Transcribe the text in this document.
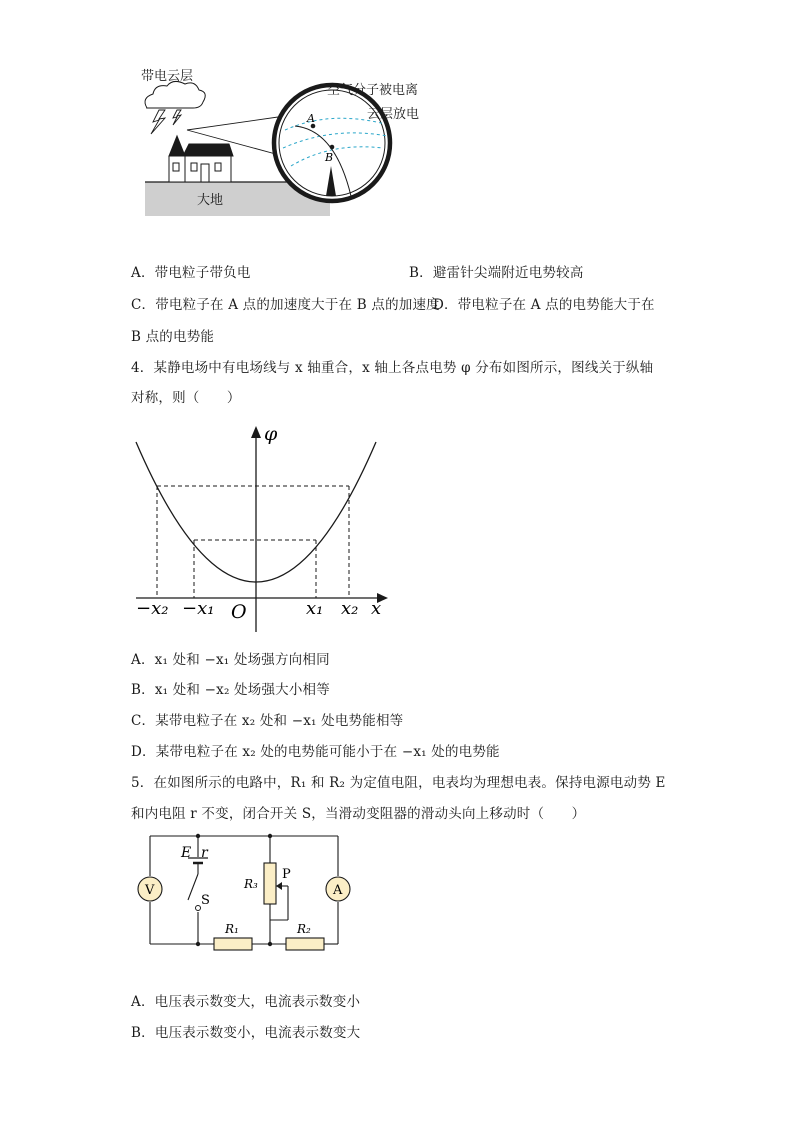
大地
带电云层
A
B
空气分子被电离
云层放电
A．带电粒子带负电	B．避雷针尖端附近电势较高
C．带电粒子在 A 点的加速度大于在 B 点的加速度
D．带电粒子在 A 点的电势能大于在
B 点的电势能
4．某静电场中有电场线与 x 轴重合，x 轴上各点电势 φ 分布如图所示，图线关于纵轴
对称，则（　　）
φ
x
O
−x₂ −x₁	x₁ x₂
A．x₁ 处和 −x₁ 处场强方向相同
B．x₁ 处和 −x₂ 处场强大小相等
C．某带电粒子在 x₂ 处和 −x₁ 处电势能相等
D．某带电粒子在 x₂ 处的电势能可能小于在 −x₁ 处的电势能
5．在如图所示的电路中，R₁ 和 R₂ 为定值电阻，电表均为理想电表。保持电源电动势 E
和内电阻 r 不变，闭合开关 S，当滑动变阻器的滑动头向上移动时（　　）
V	A
E r
S
R₃
P
R₁	R₂
A．电压表示数变大，电流表示数变小
B．电压表示数变小，电流表示数变大
